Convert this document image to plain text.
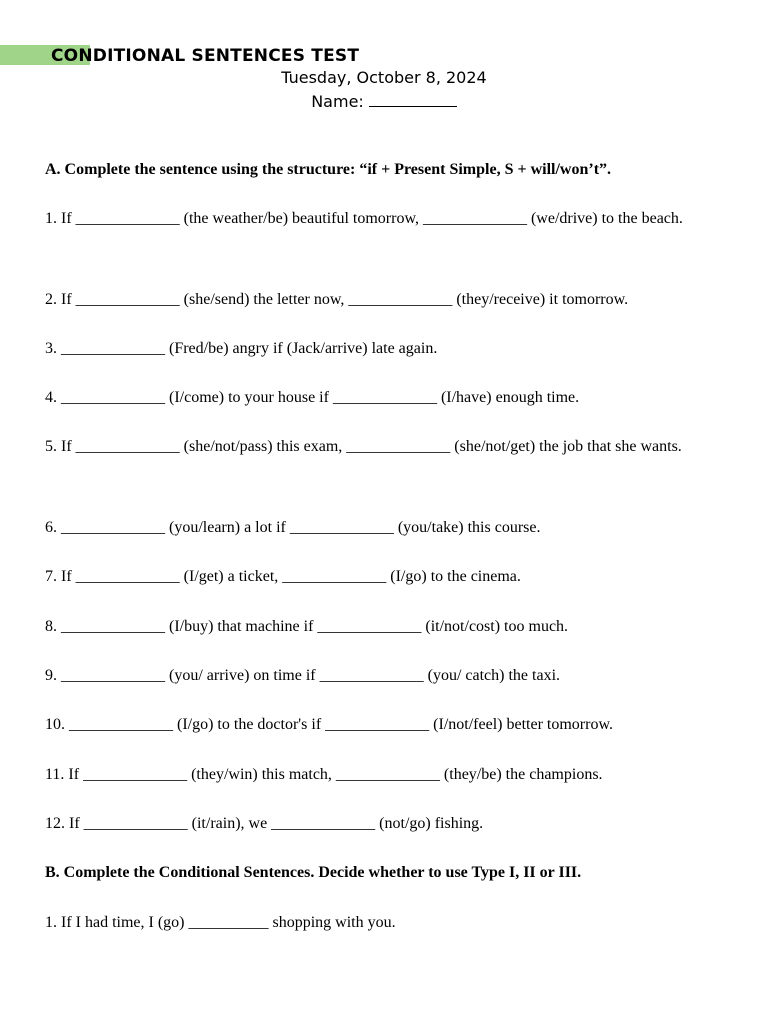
CONDITIONAL SENTENCES TEST
Tuesday, October 8, 2024
Name:
A. Complete the sentence using the structure: “if + Present Simple, S + will/won’t”.
1. If _____________ (the weather/be) beautiful tomorrow, _____________ (we/drive) to the beach.
2. If _____________ (she/send) the letter now, _____________ (they/receive) it tomorrow.
3. _____________ (Fred/be) angry if (Jack/arrive) late again.
4. _____________ (I/come) to your house if _____________ (I/have) enough time.
5. If _____________ (she/not/pass) this exam, _____________ (she/not/get) the job that she wants.
6. _____________ (you/learn) a lot if _____________ (you/take) this course.
7. If _____________ (I/get) a ticket, _____________ (I/go) to the cinema.
8. _____________ (I/buy) that machine if _____________ (it/not/cost) too much.
9. _____________ (you/ arrive) on time if _____________ (you/ catch) the taxi.
10. _____________ (I/go) to the doctor's if _____________ (I/not/feel) better tomorrow.
11. If _____________ (they/win) this match, _____________ (they/be) the champions.
12. If _____________ (it/rain), we _____________ (not/go) fishing.
B. Complete the Conditional Sentences. Decide whether to use Type I, II or III.
1. If I had time, I (go) __________ shopping with you.
